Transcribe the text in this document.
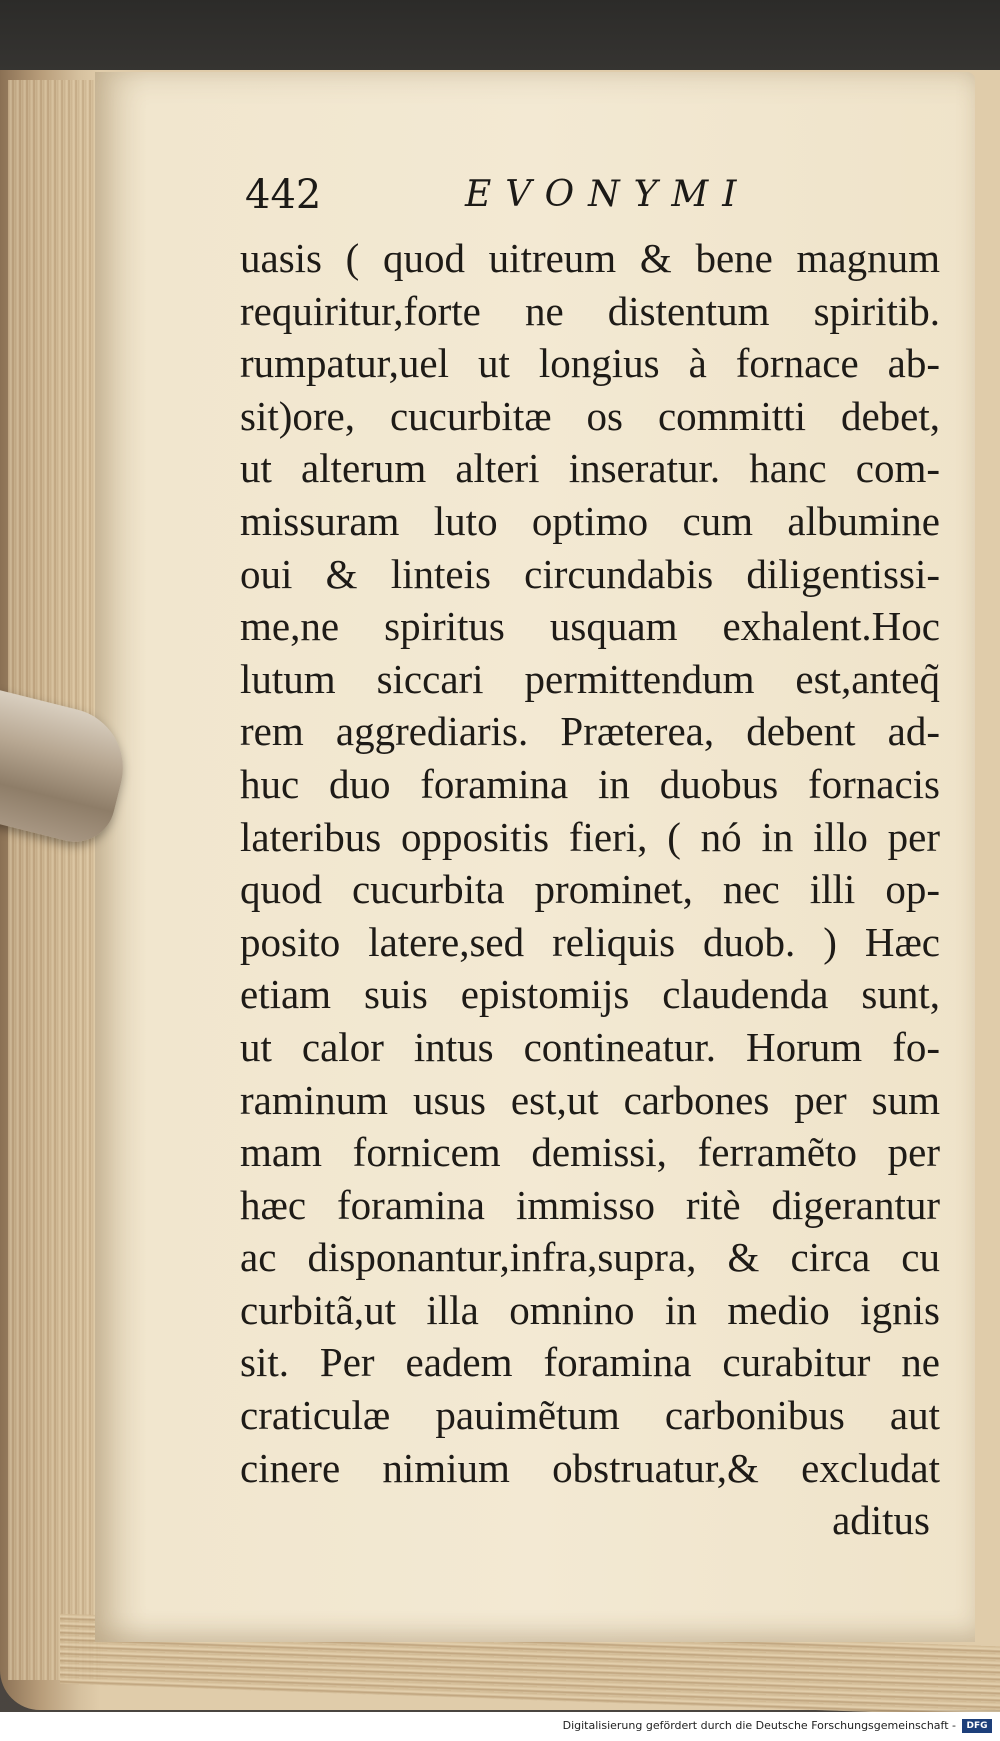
442	EVONYMI
uasis ( quod uitreum & bene magnum
requiritur,forte ne distentum spiritib.
rumpatur,uel ut longius à fornace ab-
sit)ore, cucurbitæ os committi debet,
ut alterum alteri inseratur. hanc com-
missuram luto optimo cum albumine
oui & linteis circundabis diligentissi-
me,ne spiritus usquam exhalent.Hoc
lutum siccari permittendum est,anteq̃
rem aggrediaris. Præterea, debent ad-
huc duo foramina in duobus fornacis
lateribus oppositis fieri, ( nó in illo per
quod cucurbita prominet, nec illi op-
posito latere,sed reliquis duob. ) Hæc
etiam suis epistomijs claudenda sunt,
ut calor intus contineatur. Horum fo-
raminum usus est,ut carbones per sum
mam fornicem demissi, ferramẽto per
hæc foramina immisso ritè digerantur
ac disponantur,infra,supra, & circa cu
curbitã,ut illa omnino in medio ignis
sit. Per eadem foramina curabitur ne
craticulæ pauimẽtum carbonibus aut
cinere nimium obstruatur,& excludat
aditus
Digitalisierung gefördert durch die Deutsche Forschungsgemeinschaft -	DFG
